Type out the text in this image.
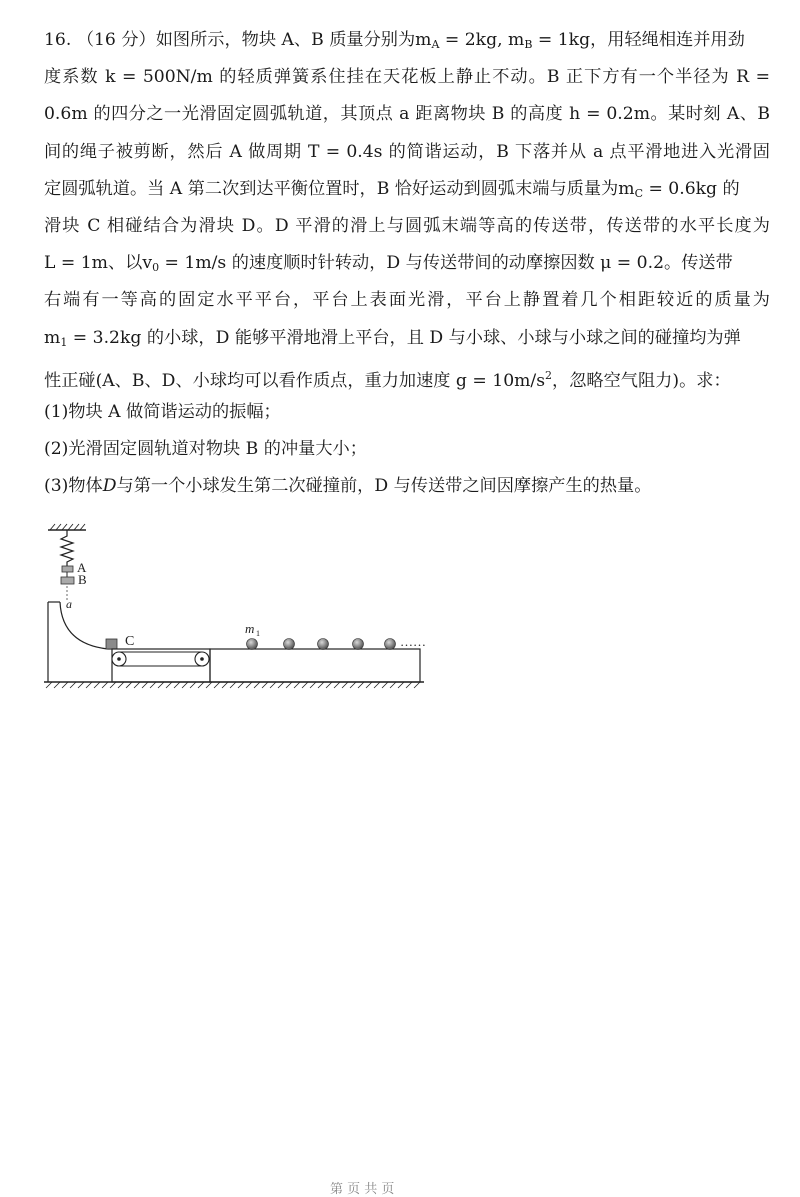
16. （16 分）如图所示，物块 A、B 质量分别为$m_A = 2kg$, $m_B = 1kg$，用轻绳相连并用劲
度系数 k = 500N/m 的轻质弹簧系住挂在天花板上静止不动。B 正下方有一个半径为 R =
0.6m 的四分之一光滑固定圆弧轨道，其顶点 a 距离物块 B 的高度 h = 0.2m。某时刻 A、B
间的绳子被剪断，然后 A 做周期 T = 0.4s 的简谐运动，B 下落并从 a 点平滑地进入光滑固
定圆弧轨道。当 A 第二次到达平衡位置时，B 恰好运动到圆弧末端与质量为$m_C = 0.6kg$ 的
滑块 C 相碰结合为滑块 D。D 平滑的滑上与圆弧末端等高的传送带，传送带的水平长度为
L = 1m、以$v_0 = 1m/s$ 的速度顺时针转动，D 与传送带间的动摩擦因数 μ = 0.2。传送带
右端有一等高的固定水平平台，平台上表面光滑，平台上静置着几个相距较近的质量为
$m_1 = 3.2kg$ 的小球，D 能够平滑地滑上平台，且 D 与小球、小球与小球之间的碰撞均为弹
性正碰(A、B、D、小球均可以看作质点，重力加速度 $g = 10m/s^2$，忽略空气阻力)。求：
(1)物块 A 做简谐运动的振幅；
(2)光滑固定圆轨道对物块 B 的冲量大小；
(3)物体D与第一个小球发生第二次碰撞前，D 与传送带之间因摩擦产生的热量。
A
B
a
C
m 1
……
第 页 共 页
